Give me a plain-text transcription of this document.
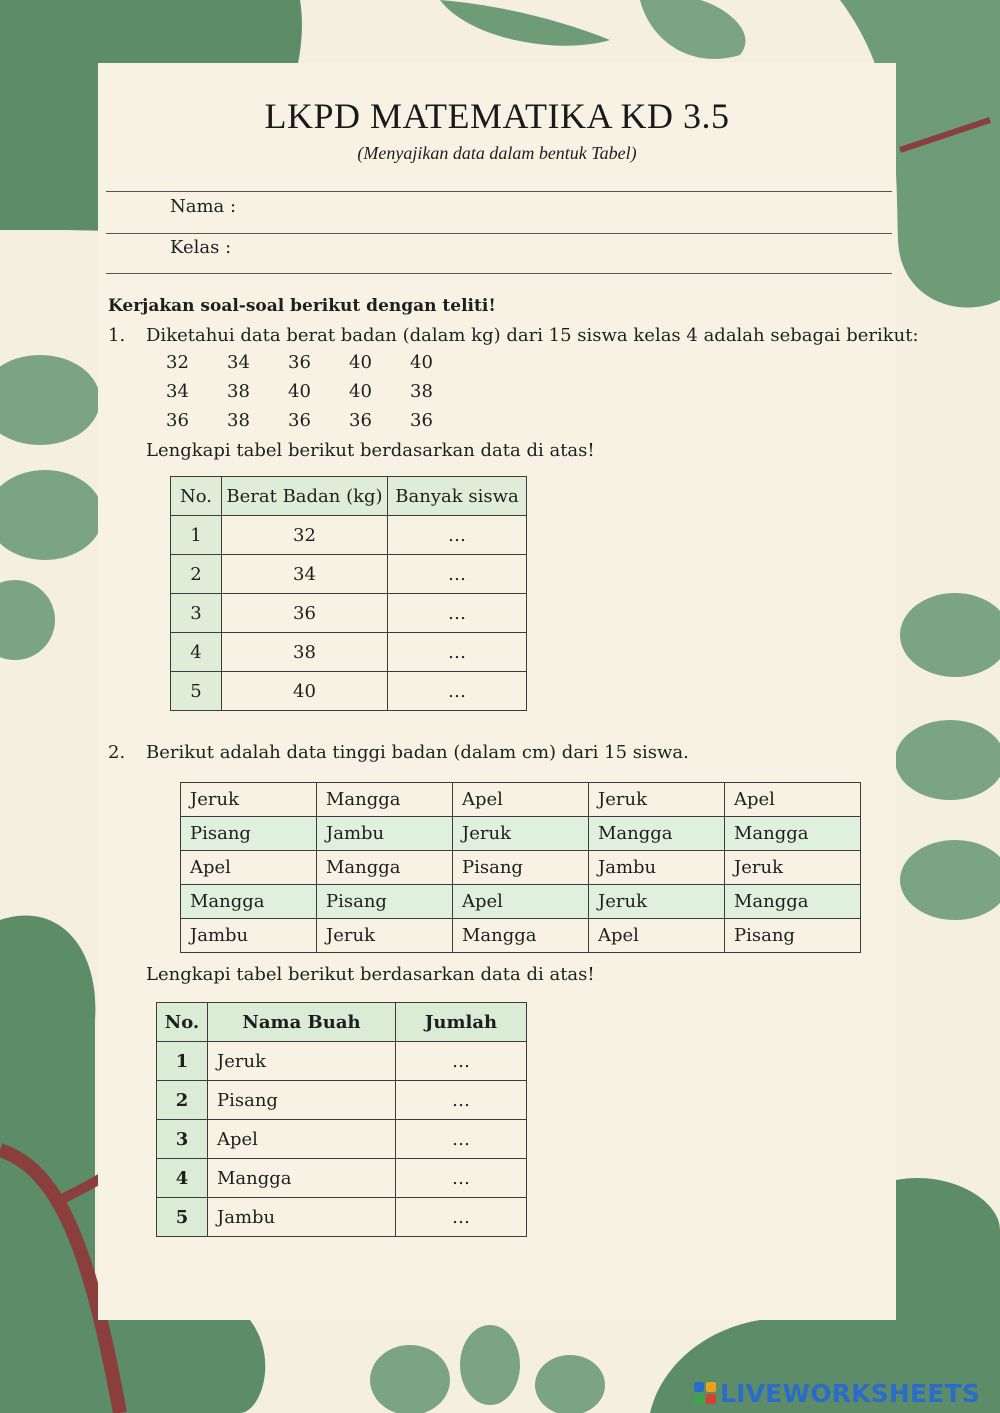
LKPD MATEMATIKA KD 3.5
(Menyajikan data dalam bentuk Tabel)
Nama :
Kelas :
Kerjakan soal-soal berikut dengan teliti!
1. Diketahui data berat badan (dalam kg) dari 15 siswa kelas 4 adalah sebagai berikut:
32	34	36	40	40
34	38	40	40	38
36	38	36	36	36
Lengkapi tabel berikut berdasarkan data di atas!
No.	Berat Badan (kg)	Banyak siswa
1	32	…
2	34	…
3	36	…
4	38	…
5	40	…
2. Berikut adalah data tinggi badan (dalam cm) dari 15 siswa.
Jeruk	Mangga	Apel	Jeruk	Apel
Pisang	Jambu	Jeruk	Mangga	Mangga
Apel	Mangga	Pisang	Jambu	Jeruk
Mangga	Pisang	Apel	Jeruk	Mangga
Jambu	Jeruk	Mangga	Apel	Pisang
Lengkapi tabel berikut berdasarkan data di atas!
No.	Nama Buah	Jumlah
1	Jeruk	…
2	Pisang	…
3	Apel	…
4	Mangga	…
5	Jambu	…
LIVEWORKSHEETS
